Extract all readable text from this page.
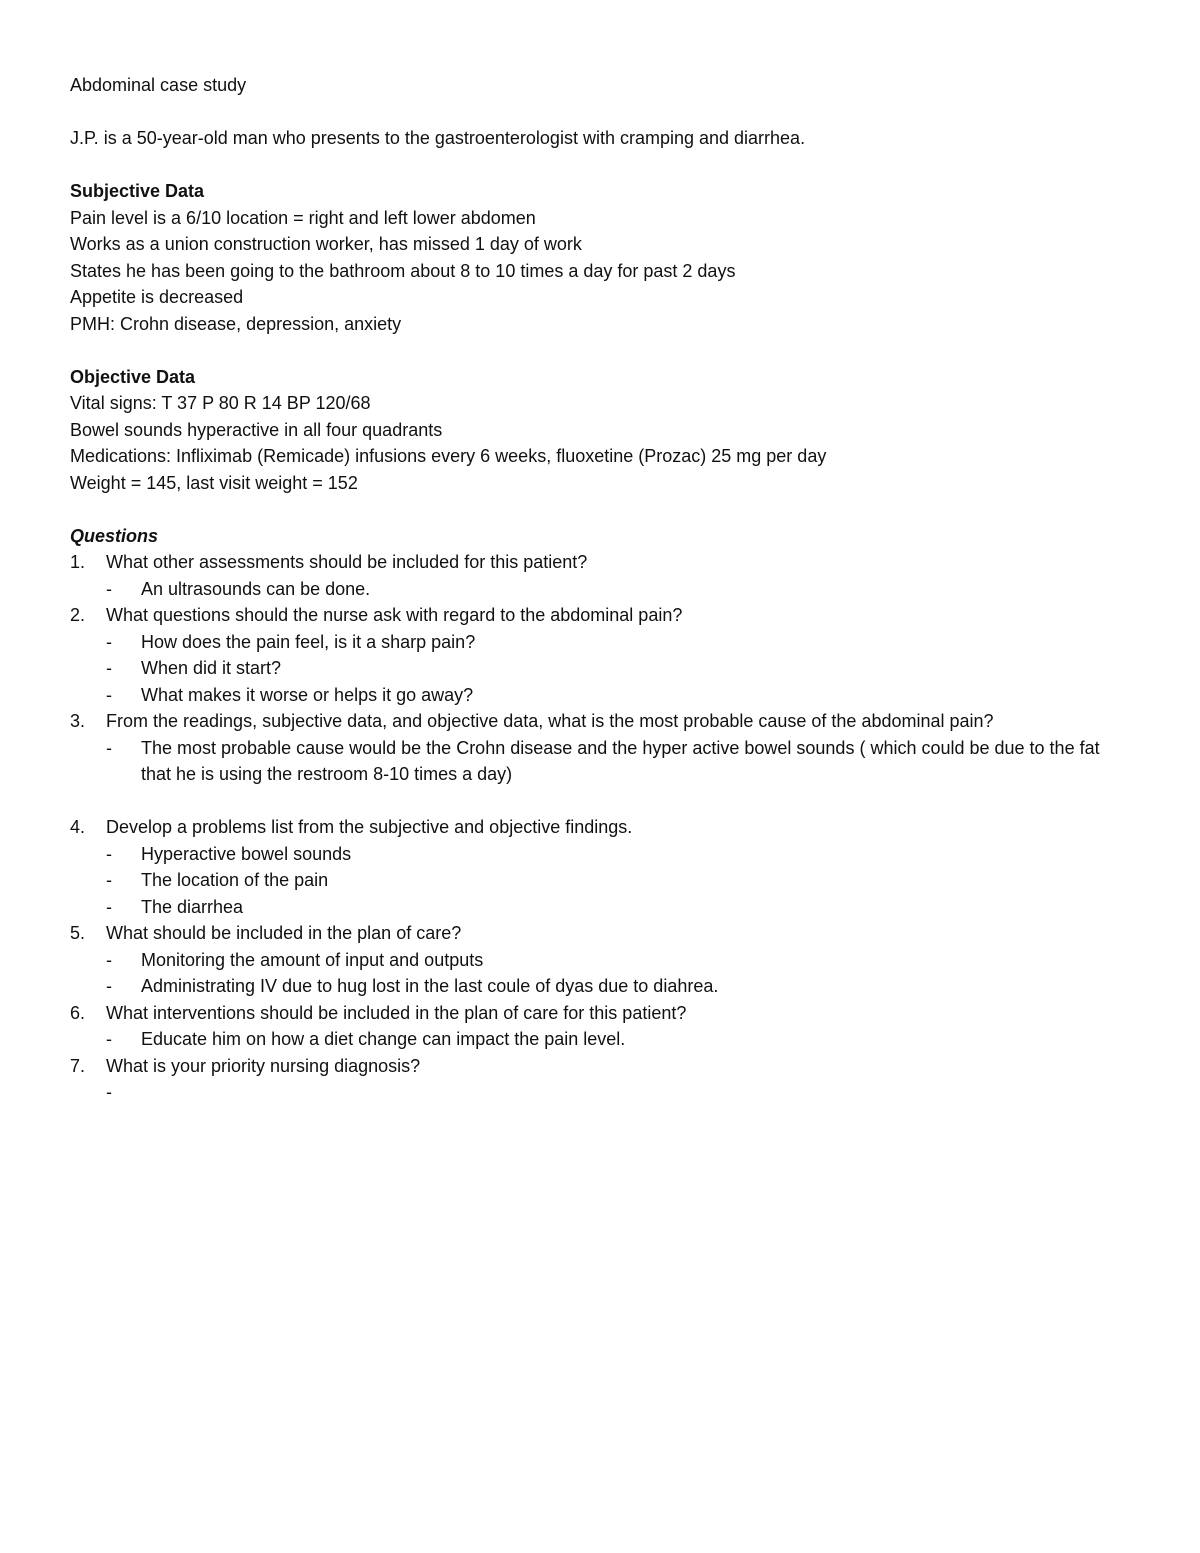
Abdominal case study

J.P. is a 50-year-old man who presents to the gastroenterologist with cramping and diarrhea.

Subjective Data

Pain level is a 6/10 location = right and left lower abdomen

Works as a union construction worker, has missed 1 day of work

States he has been going to the bathroom about 8 to 10 times a day for past 2 days

Appetite is decreased

PMH: Crohn disease, depression, anxiety

Objective Data

Vital signs: T 37 P 80 R 14 BP 120/68

Bowel sounds hyperactive in all four quadrants

Medications: Infliximab (Remicade) infusions every 6 weeks, fluoxetine (Prozac) 25 mg per day

Weight = 145, last visit weight = 152

Questions

1.	What other assessments should be included for this patient?
- An ultrasounds can be done.
2.	What questions should the nurse ask with regard to the abdominal pain?
- How does the pain feel, is it a sharp pain?
- When did it start?
- What makes it worse or helps it go away?
3.	From the readings, subjective data, and objective data, what is the most probable cause of the abdominal pain?
- The most probable cause would be the Crohn disease and the hyper active bowel sounds ( which could be due to the fat that he is using the restroom 8-10 times a day)
4.	Develop a problems list from the subjective and objective findings.
- Hyperactive bowel sounds
- The location of the pain
- The diarrhea
5.	What should be included in the plan of care?
- Monitoring the amount of input and outputs
- Administrating IV due to hug lost in the last coule of dyas due to diahrea.
6.	What interventions should be included in the plan of care for this patient?
- Educate him on how a diet change can impact the pain level.
7.	What is your priority nursing diagnosis?
-
